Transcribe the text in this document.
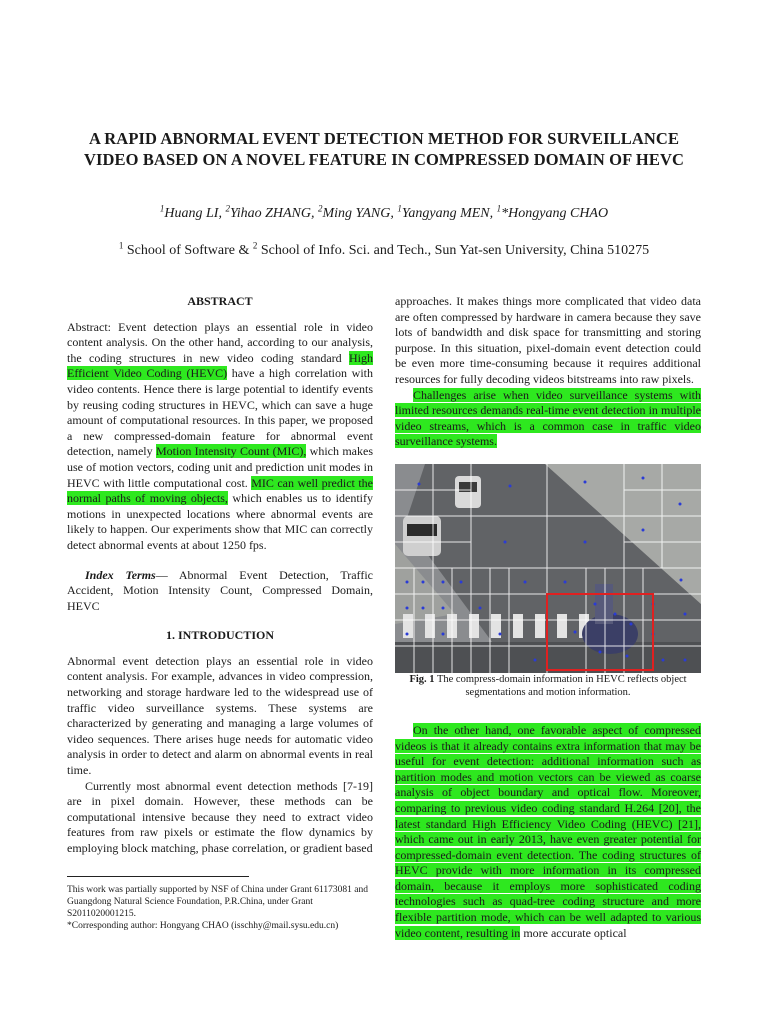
A RAPID ABNORMAL EVENT DETECTION METHOD FOR SURVEILLANCE VIDEO BASED ON A NOVEL FEATURE IN COMPRESSED DOMAIN OF HEVC
$^1$Huang LI, $^2$Yihao ZHANG, $^2$Ming YANG, $^1$Yangyang MEN, $^1$*Hongyang CHAO
$^1$ School of Software & $^2$ School of Info. Sci. and Tech., Sun Yat-sen University, China 510275
ABSTRACT

Abstract: Event detection plays an essential role in video content analysis. On the other hand, according to our analysis, the coding structures in new video coding standard High Efficient Video Coding (HEVC) have a high correlation with video contents. Hence there is large potential to identify events by reusing coding structures in HEVC, which can save a huge amount of computational resources. In this paper, we proposed a new compressed-domain feature for abnormal event detection, namely Motion Intensity Count (MIC), which makes use of motion vectors, coding unit and prediction unit modes in HEVC with little computational cost. MIC can well predict the normal paths of moving objects, which enables us to identify motions in unexpected locations where abnormal events are likely to happen. Our experiments show that MIC can correctly detect abnormal events at about 1250 fps.

Index Terms— Abnormal Event Detection, Traffic Accident, Motion Intensity Count, Compressed Domain, HEVC

1. INTRODUCTION

Abnormal event detection plays an essential role in video content analysis. For example, advances in video compression, networking and storage hardware led to the widespread use of traffic video surveillance systems. These systems are characterized by generating and managing a large volumes of video sequences. There arises huge needs for automatic video analysis in order to detect and alarm on abnormal events in real time.

Currently most abnormal event detection methods [7-19] are in pixel domain. However, these methods can be computational intensive because they need to extract video features from raw pixels or estimate the flow dynamics by employing block matching, phase correlation, or gradient based

approaches. It makes things more complicated that video data are often compressed by hardware in camera because they save lots of bandwidth and disk space for transmitting and storing purpose. In this situation, pixel-domain event detection could be even more time-consuming because it requires additional resources for fully decoding videos bitstreams into raw pixels.

Challenges arise when video surveillance systems with limited resources demands real-time event detection in multiple video streams, which is a common case in traffic video surveillance systems.

Fig. 1 The compress-domain information in HEVC reflects object segmentations and motion information.

On the other hand, one favorable aspect of compressed videos is that it already contains extra information that may be useful for event detection: additional information such as partition modes and motion vectors can be viewed as coarse analysis of object boundary and optical flow. Moreover, comparing to previous video coding standard H.264 [20], the latest standard High Efficiency Video Coding (HEVC) [21], which came out in early 2013, have even greater potential for compressed-domain event detection. The coding structures of HEVC provide with more information in its compressed domain, because it employs more sophisticated coding technologies such as quad-tree coding structure and more flexible partition mode, which can be well adapted to various video content, resulting in more accurate optical

This work was partially supported by NSF of China under Grant 61173081 and Guangdong Natural Science Foundation, P.R.China, under Grant S2011020001215.

*Corresponding author: Hongyang CHAO (isschhy@mail.sysu.edu.cn)
